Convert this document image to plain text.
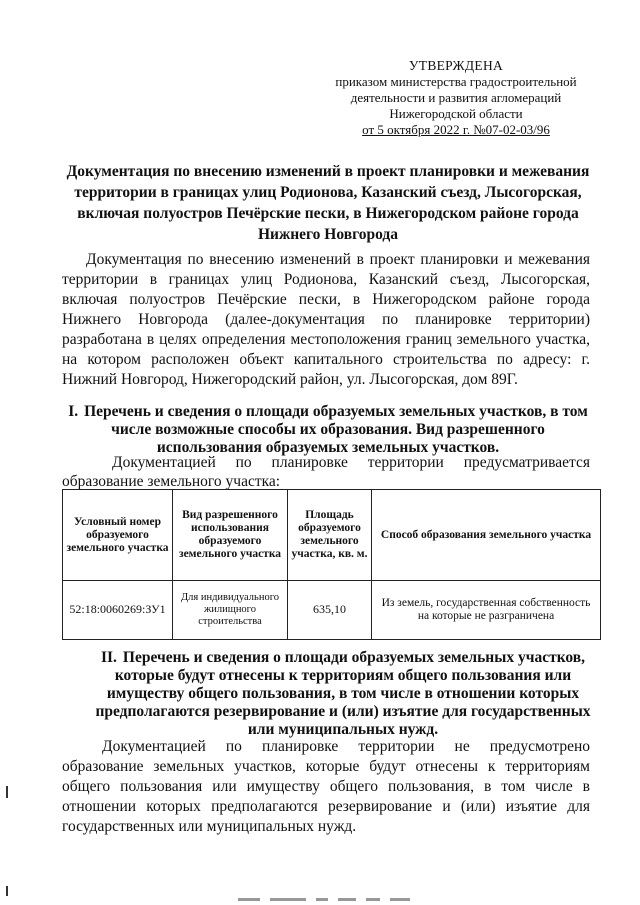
УТВЕРЖДЕНА
приказом министерства градостроительной
деятельности и развития агломераций
Нижегородской области
от 5 октября 2022 г. №07-02-03/96
Документация по внесению изменений в проект планировки и межевания территории в границах улиц Родионова, Казанский съезд, Лысогорская, включая полуостров Печёрские пески, в Нижегородском районе города Нижнего Новгорода
Документация по внесению изменений в проект планировки и межевания территории в границах улиц Родионова, Казанский съезд, Лысогорская, включая полуостров Печёрские пески, в Нижегородском районе города Нижнего Новгорода (далее-документация по планировке территории) разработана в целях определения местоположения границ земельного участка, на котором расположен объект капитального строительства по адресу: г. Нижний Новгород, Нижегородский район, ул. Лысогорская, дом 89Г.
I. Перечень и сведения о площади образуемых земельных участков, в том числе возможные способы их образования. Вид разрешенного использования образуемых земельных участков.
Документацией по планировке территории предусматривается образование земельного участка:
Условный номер образуемого земельного участка	Вид разрешенного использования образуемого земельного участка	Площадь образуемого земельного участка, кв. м.	Способ образования земельного участка
52:18:0060269:ЗУ1	Для индивидуального жилищного строительства	635,10	Из земель, государственная собственность на которые не разграничена
II. Перечень и сведения о площади образуемых земельных участков, которые будут отнесены к территориям общего пользования или имуществу общего пользования, в том числе в отношении которых предполагаются резервирование и (или) изъятие для государственных или муниципальных нужд.
Документацией по планировке территории не предусмотрено образование земельных участков, которые будут отнесены к территориям общего пользования или имуществу общего пользования, в том числе в отношении которых предполагаются резервирование и (или) изъятие для государственных или муниципальных нужд.
